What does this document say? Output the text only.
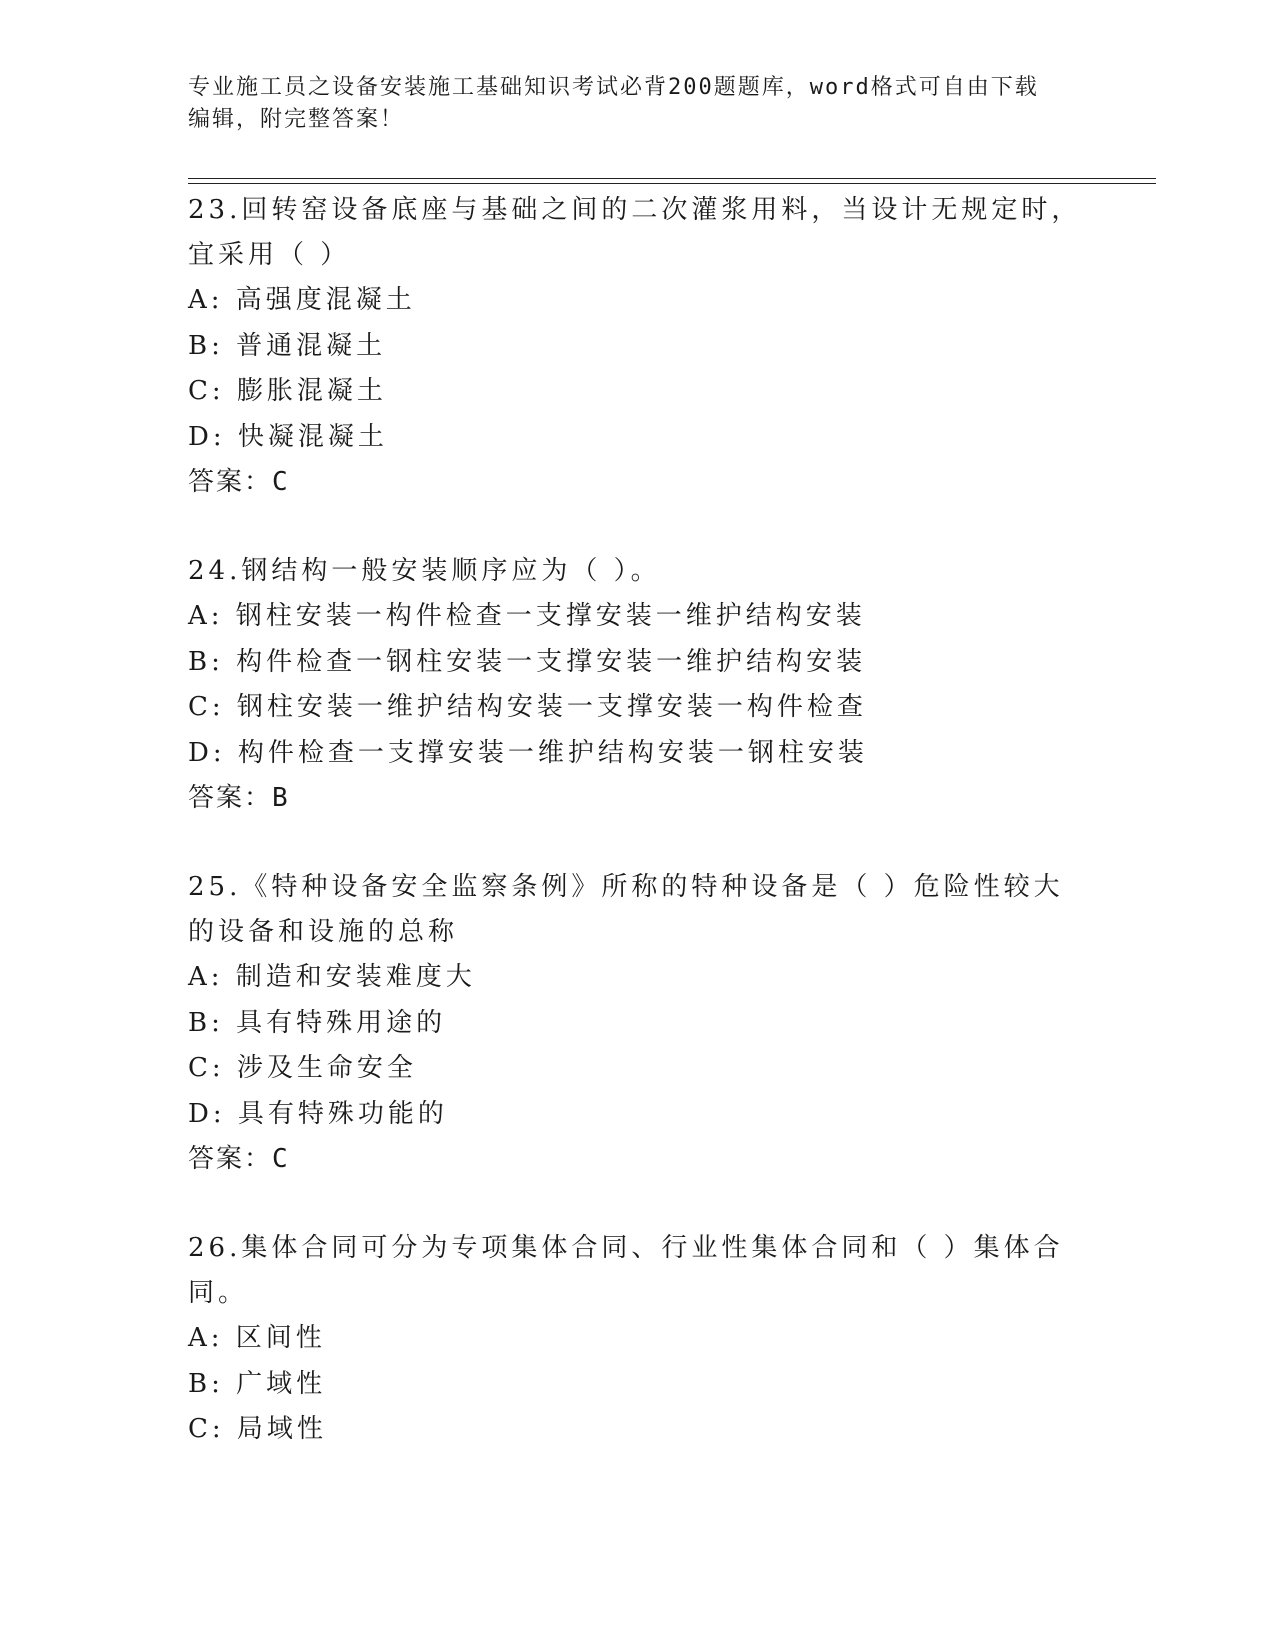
专业施工员之设备安装施工基础知识考试必背200题题库，word格式可自由下载
编辑，附完整答案！
23.回转窑设备底座与基础之间的二次灌浆用料，当设计无规定时，宜采用（ ）
A: 高强度混凝土
B: 普通混凝土
C: 膨胀混凝土
D: 快凝混凝土
答案：C
24.钢结构一般安装顺序应为（ ）。
A: 钢柱安装一构件检查一支撑安装一维护结构安装
B: 构件检查一钢柱安装一支撑安装一维护结构安装
C: 钢柱安装一维护结构安装一支撑安装一构件检查
D: 构件检查一支撑安装一维护结构安装一钢柱安装
答案：B
25.《特种设备安全监察条例》所称的特种设备是（ ）危险性较大的设备和设施的总称
A: 制造和安装难度大
B: 具有特殊用途的
C: 涉及生命安全
D: 具有特殊功能的
答案：C
26.集体合同可分为专项集体合同、行业性集体合同和（ ）集体合同。
A: 区间性
B: 广域性
C: 局域性
